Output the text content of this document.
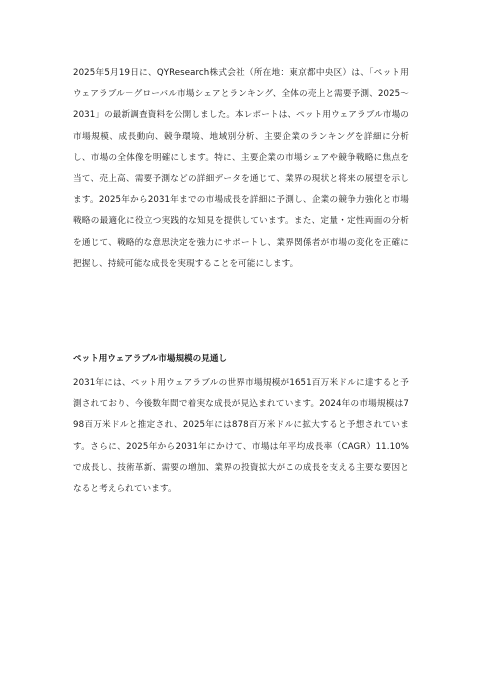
2025年5月19日に、QYResearch株式会社（所在地：東京都中央区）は、「ペット用ウェアラブル－グローバル市場シェアとランキング、全体の売上と需要予測、2025～2031」の最新調査資料を公開しました。本レポートは、ペット用ウェアラブル市場の市場規模、成長動向、競争環境、地域別分析、主要企業のランキングを詳細に分析し、市場の全体像を明確にします。特に、主要企業の市場シェアや競争戦略に焦点を当て、売上高、需要予測などの詳細データを通じて、業界の現状と将来の展望を示します。2025年から2031年までの市場成長を詳細に予測し、企業の競争力強化と市場戦略の最適化に役立つ実践的な知見を提供しています。また、定量・定性両面の分析を通じて、戦略的な意思決定を強力にサポートし、業界関係者が市場の変化を正確に把握し、持続可能な成長を実現することを可能にします。

ペット用ウェアラブル市場規模の見通し

2031年には、ペット用ウェアラブルの世界市場規模が1651百万米ドルに達すると予測されており、今後数年間で着実な成長が見込まれています。2024年の市場規模は798百万米ドルと推定され、2025年には878百万米ドルに拡大すると予想されています。さらに、2025年から2031年にかけて、市場は年平均成長率（CAGR）11.10%で成長し、技術革新、需要の増加、業界の投資拡大がこの成長を支える主要な要因となると考えられています。
